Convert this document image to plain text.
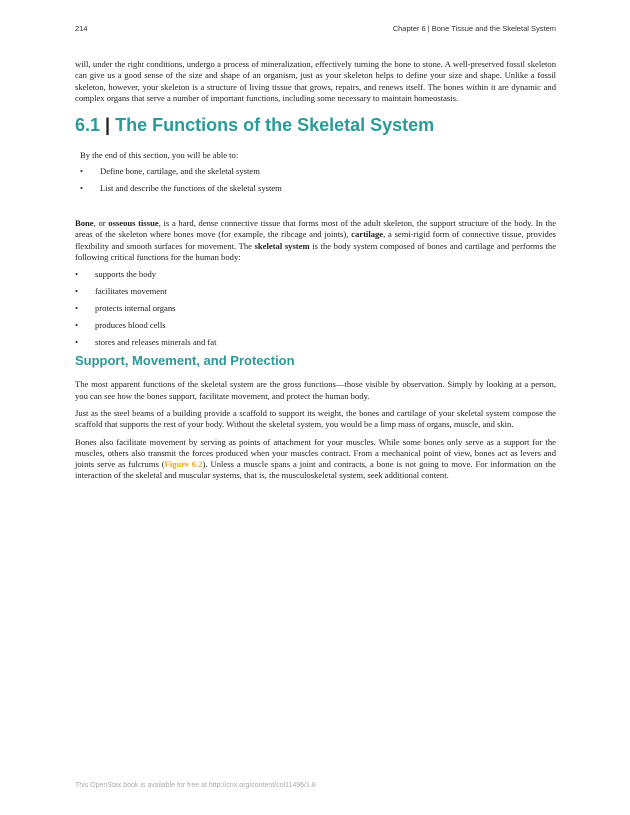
214	Chapter 6 | Bone Tissue and the Skeletal System

will, under the right conditions, undergo a process of mineralization, effectively turning the bone to stone. A well-preserved fossil skeleton can give us a good sense of the size and shape of an organism, just as your skeleton helps to define your size and shape. Unlike a fossil skeleton, however, your skeleton is a structure of living tissue that grows, repairs, and renews itself. The bones within it are dynamic and complex organs that serve a number of important functions, including some necessary to maintain homeostasis.

6.1 | The Functions of the Skeletal System
By the end of this section, you will be able to:
• Define bone, cartilage, and the skeletal system
• List and describe the functions of the skeletal system

Bone, or osseous tissue, is a hard, dense connective tissue that forms most of the adult skeleton, the support structure of the body. In the areas of the skeleton where bones move (for example, the ribcage and joints), cartilage, a semi-rigid form of connective tissue, provides flexibility and smooth surfaces for movement. The skeletal system is the body system composed of bones and cartilage and performs the following critical functions for the human body:

• supports the body
• facilitates movement
• protects internal organs
• produces blood cells
• stores and releases minerals and fat
Support, Movement, and Protection

The most apparent functions of the skeletal system are the gross functions—those visible by observation. Simply by looking at a person, you can see how the bones support, facilitate movement, and protect the human body.

Just as the steel beams of a building provide a scaffold to support its weight, the bones and cartilage of your skeletal system compose the scaffold that supports the rest of your body. Without the skeletal system, you would be a limp mass of organs, muscle, and skin.

Bones also facilitate movement by serving as points of attachment for your muscles. While some bones only serve as a support for the muscles, others also transmit the forces produced when your muscles contract. From a mechanical point of view, bones act as levers and joints serve as fulcrums (Figure 6.2). Unless a muscle spans a joint and contracts, a bone is not going to move. For information on the interaction of the skeletal and muscular systems, that is, the musculoskeletal system, seek additional content.

This OpenStax book is available for free at http://cnx.org/content/col11496/1.8
